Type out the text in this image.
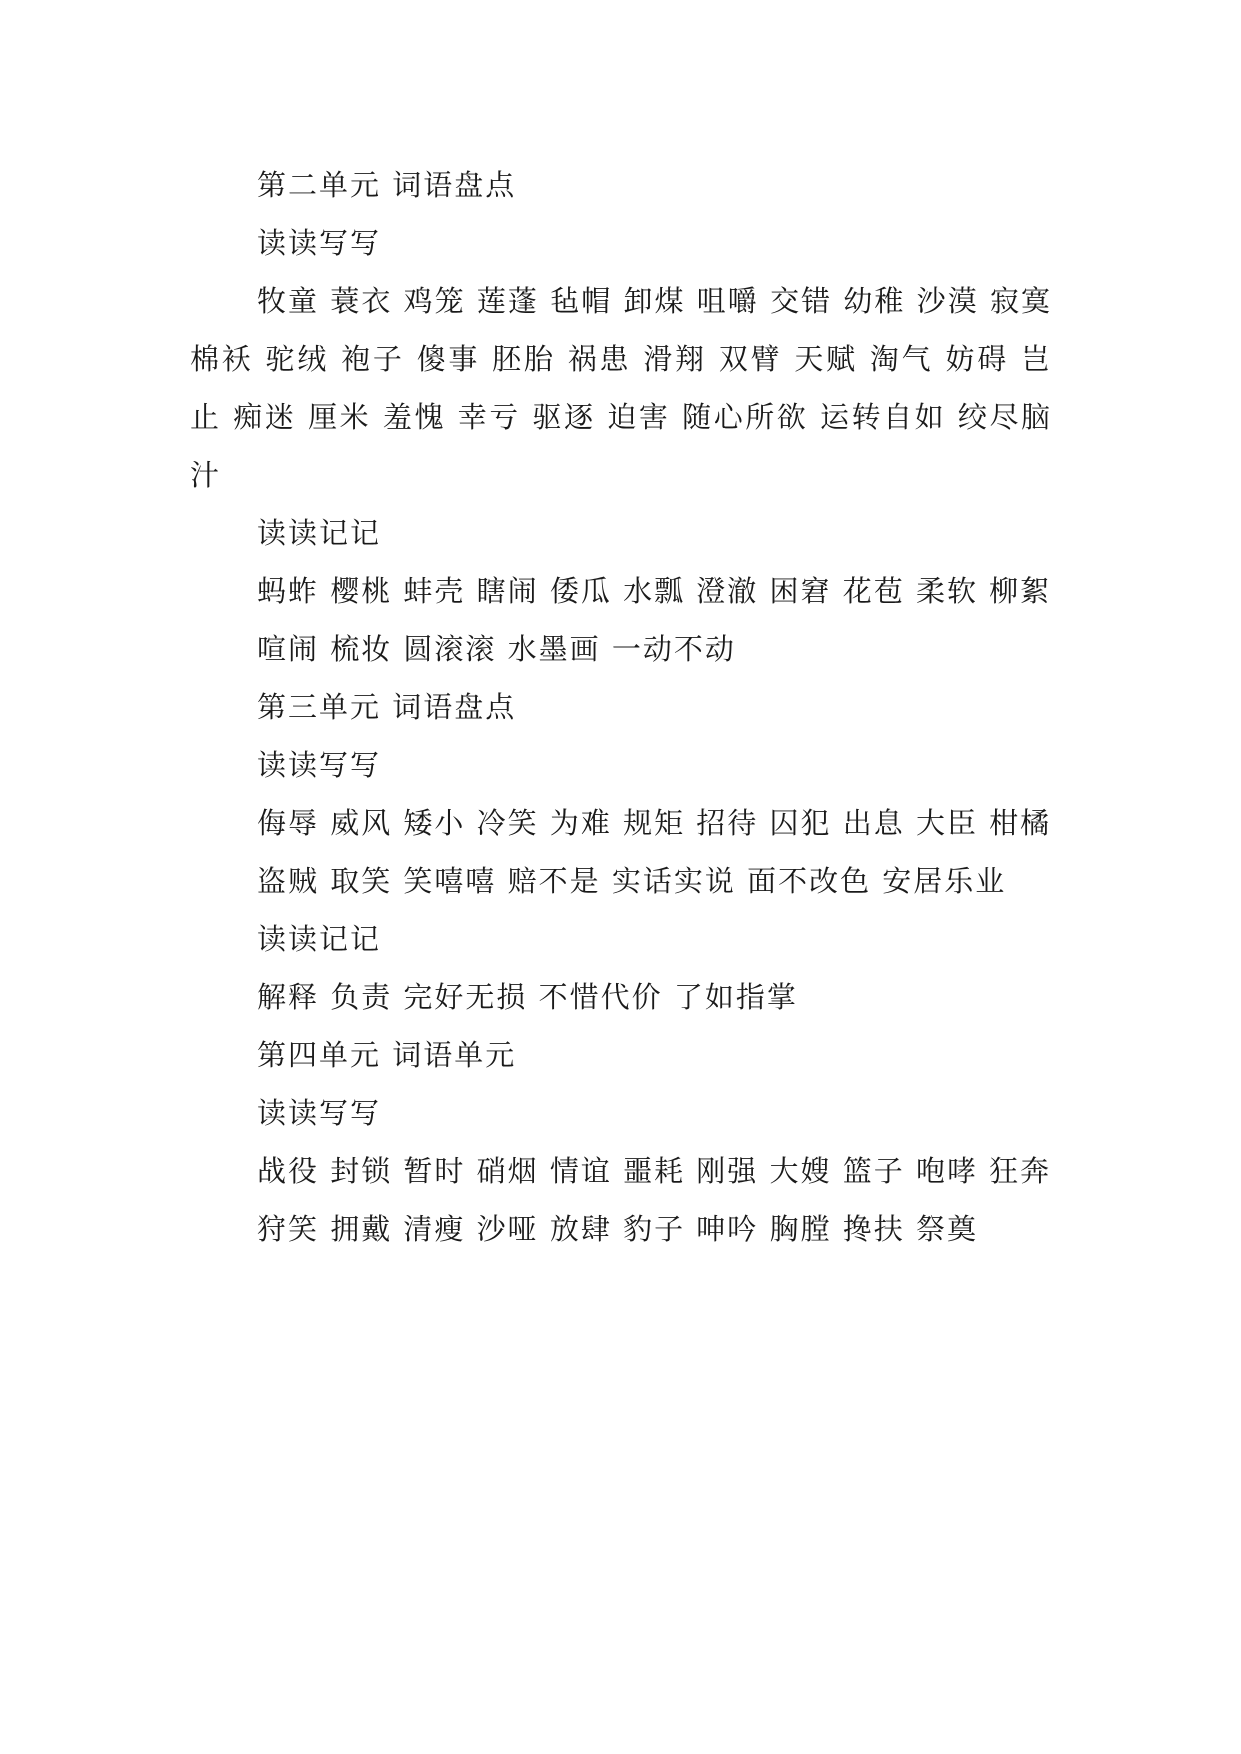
第二单元 词语盘点

读读写写

牧童 蓑衣 鸡笼 莲蓬 毡帽 卸煤 咀嚼 交错 幼稚 沙漠 寂寞 棉袄 驼绒 袍子 傻事 胚胎 祸患 滑翔 双臂 天赋 淘气 妨碍 岂止 痴迷 厘米 羞愧 幸亏 驱逐 迫害 随心所欲 运转自如 绞尽脑汁

读读记记

蚂蚱 樱桃 蚌壳 瞎闹 倭瓜 水瓢 澄澈 困窘 花苞 柔软 柳絮

喧闹 梳妆 圆滚滚 水墨画 一动不动

第三单元 词语盘点

读读写写

侮辱 威风 矮小 冷笑 为难 规矩 招待 囚犯 出息 大臣 柑橘

盗贼 取笑 笑嘻嘻 赔不是 实话实说 面不改色 安居乐业

读读记记

解释 负责 完好无损 不惜代价 了如指掌

第四单元 词语单元

读读写写

战役 封锁 暂时 硝烟 情谊 噩耗 刚强 大嫂 篮子 咆哮 狂奔

狩笑 拥戴 清瘦 沙哑 放肆 豹子 呻吟 胸膛 搀扶 祭奠
